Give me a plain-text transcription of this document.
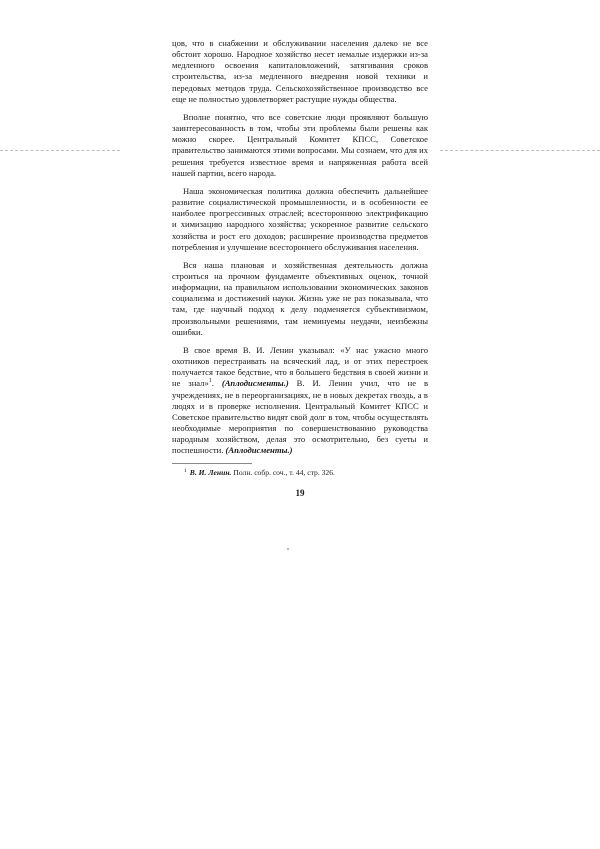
цов, что в снабжении и обслуживании населения далеко не все обстоит хорошо. Народное хозяйство несет немалые издержки из-за медленного освоения капиталовложений, затягивания сроков строительства, из-за медленного внедрения новой техники и передовых методов труда. Сельскохозяйственное производство все еще не полностью удовлетворяет растущие нужды общества.

Вполне понятно, что все советские люди проявляют большую заинтересованность в том, чтобы эти проблемы были решены как можно скорее. Центральный Комитет КПСС, Советское правительство занимаются этими вопросами. Мы сознаем, что для их решения требуется известное время и напряженная работа всей нашей партии, всего народа.

Наша экономическая политика должна обеспечить дальнейшее развитие социалистической промышленности, и в особенности ее наиболее прогрессивных отраслей; всестороннюю электрификацию и химизацию народного хозяйства; ускоренное развитие сельского хозяйства и рост его доходов; расширение производства предметов потребления и улучшение всестороннего обслуживания населения.

Вся наша плановая и хозяйственная деятельность должна строиться на прочном фундаменте объективных оценок, точной информации, на правильном использовании экономических законов социализма и достижений науки. Жизнь уже не раз показывала, что там, где научный подход к делу подменяется субъективизмом, произвольными решениями, там неминуемы неудачи, неизбежны ошибки.

В свое время В. И. Ленин указывал: «У нас ужасно много охотников перестраивать на всяческий лад, и от этих перестроек получается такое бедствие, что я большего бедствия в своей жизни и не знал»$^1$. (Аплодисменты.) В. И. Ленин учил, что не в учреждениях, не в переорганизациях, не в новых декретах гвоздь, а в людях и в проверке исполнения. Центральный Комитет КПСС и Советское правительство видят свой долг в том, чтобы осуществлять необходимые мероприятия по совершенствованию руководства народным хозяйством, делая это осмотрительно, без суеты и поспешности. (Аплодисменты.)

$^1$ В. И. Ленин. Полн. собр. соч., т. 44, стр. 326.

19
